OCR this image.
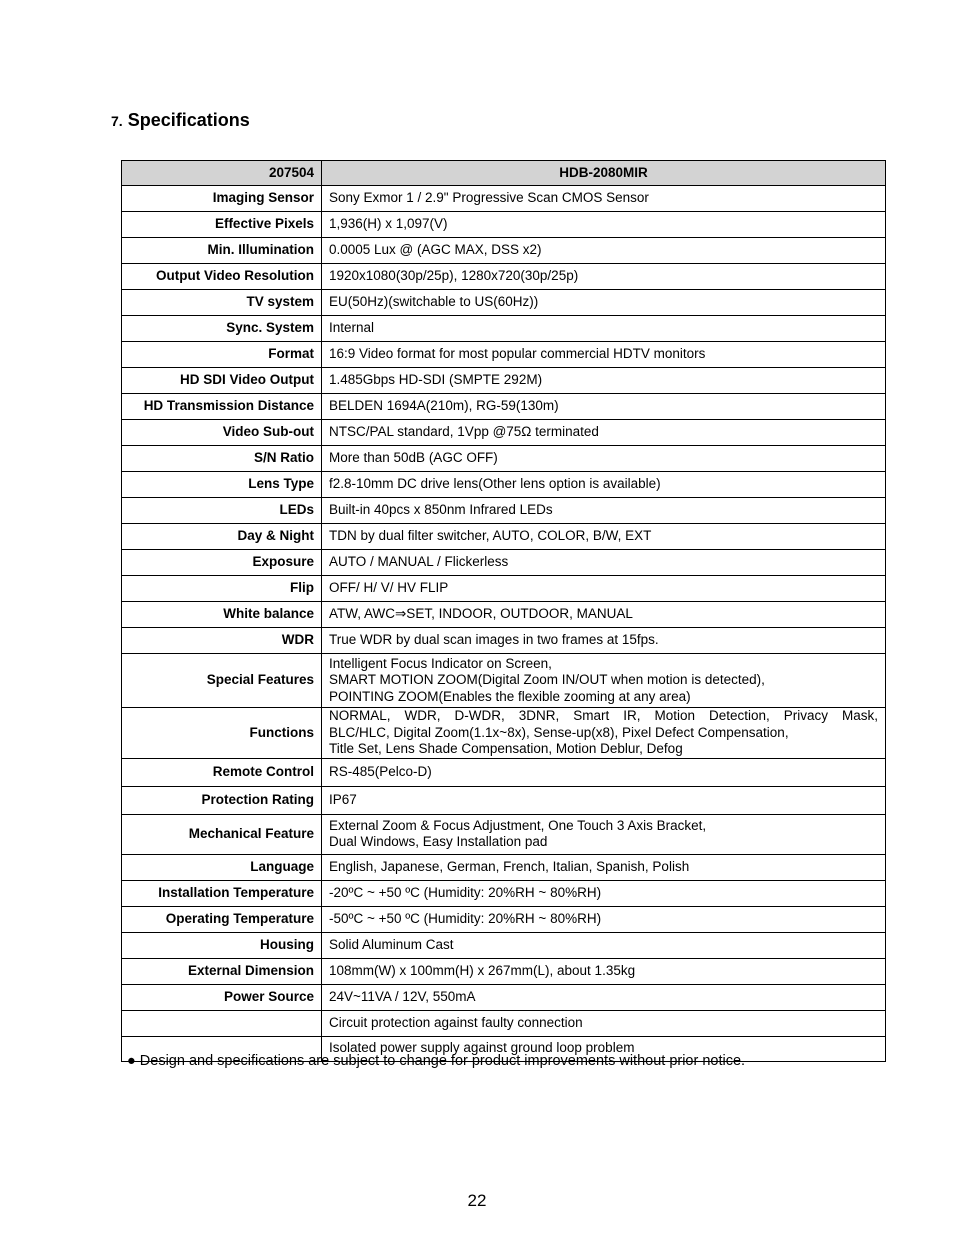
7. Specifications
207504	HDB-2080MIR
Imaging Sensor	Sony Exmor 1 / 2.9" Progressive Scan CMOS Sensor

Effective Pixels	1,936(H) x 1,097(V)

Min. Illumination	0.0005 Lux @ (AGC MAX, DSS x2)

Output Video Resolution	1920x1080(30p/25p), 1280x720(30p/25p)

TV system	EU(50Hz)(switchable to US(60Hz))

Sync. System	Internal

Format	16:9 Video format for most popular commercial HDTV monitors

HD SDI Video Output	1.485Gbps HD-SDI (SMPTE 292M)

HD Transmission Distance	BELDEN 1694A(210m), RG-59(130m)

Video Sub-out	NTSC/PAL standard, 1Vpp @75Ω terminated

S/N Ratio	More than 50dB (AGC OFF)

Lens Type	f2.8-10mm DC drive lens(Other lens option is available)

LEDs	Built-in 40pcs x 850nm Infrared LEDs

Day & Night	TDN by dual filter switcher, AUTO, COLOR, B/W, EXT

Exposure	AUTO / MANUAL / Flickerless

Flip	OFF/ H/ V/ HV FLIP

White balance	ATW, AWC⇒SET, INDOOR, OUTDOOR, MANUAL

WDR	True WDR by dual scan images in two frames at 15fps.

Special Features	Intelligent Focus Indicator on Screen,
SMART MOTION ZOOM(Digital Zoom IN/OUT when motion is detected),
POINTING ZOOM(Enables the flexible zooming at any area)

Functions	NORMAL, WDR, D-WDR, 3DNR, Smart IR, Motion Detection, Privacy Mask,
BLC/HLC, Digital Zoom(1.1x~8x), Sense-up(x8), Pixel Defect Compensation,
Title Set, Lens Shade Compensation, Motion Deblur, Defog

Remote Control	RS-485(Pelco-D)

Protection Rating	IP67

Mechanical Feature	External Zoom & Focus Adjustment, One Touch 3 Axis Bracket,
Dual Windows, Easy Installation pad

Language	English, Japanese, German, French, Italian, Spanish, Polish

Installation Temperature	-20ºC ~ +50 ºC (Humidity: 20%RH ~ 80%RH)

Operating Temperature	-50ºC ~ +50 ºC (Humidity: 20%RH ~ 80%RH)

Housing	Solid Aluminum Cast

External Dimension	108mm(W) x 100mm(H) x 267mm(L), about 1.35kg

Power Source	24V~11VA / 12V, 550mA

	Circuit protection against faulty connection

	Isolated power supply against ground loop problem
● Design and specifications are subject to change for product improvements without prior notice.
22
